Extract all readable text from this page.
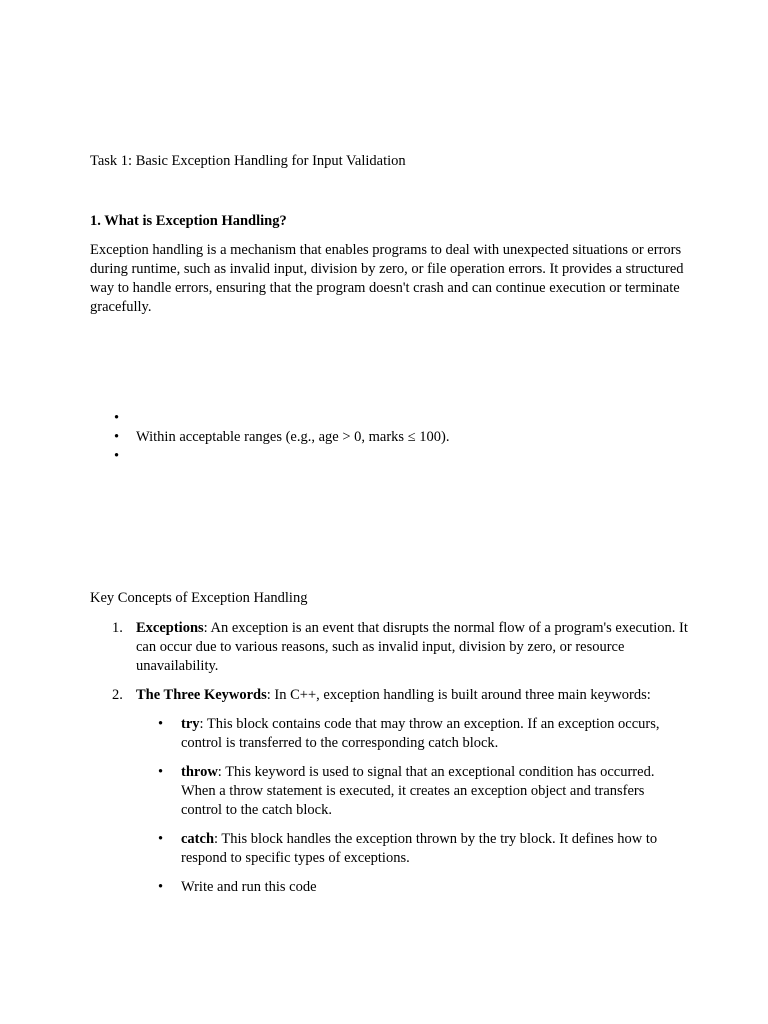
Task 1: Basic Exception Handling for Input Validation
1. What is Exception Handling?
Exception handling is a mechanism that enables programs to deal with unexpected situations or errors during runtime, such as invalid input, division by zero, or file operation errors. It provides a structured way to handle errors, ensuring that the program doesn't crash and can continue execution or terminate gracefully.
•
• Within acceptable ranges (e.g., age > 0, marks ≤ 100).
•
Key Concepts of Exception Handling
1. Exceptions: An exception is an event that disrupts the normal flow of a program's execution. It can occur due to various reasons, such as invalid input, division by zero, or resource unavailability.
2. The Three Keywords: In C++, exception handling is built around three main keywords:
• try: This block contains code that may throw an exception. If an exception occurs, control is transferred to the corresponding catch block.
• throw: This keyword is used to signal that an exceptional condition has occurred. When a throw statement is executed, it creates an exception object and transfers control to the catch block.
• catch: This block handles the exception thrown by the try block. It defines how to respond to specific types of exceptions.
• Write and run this code
